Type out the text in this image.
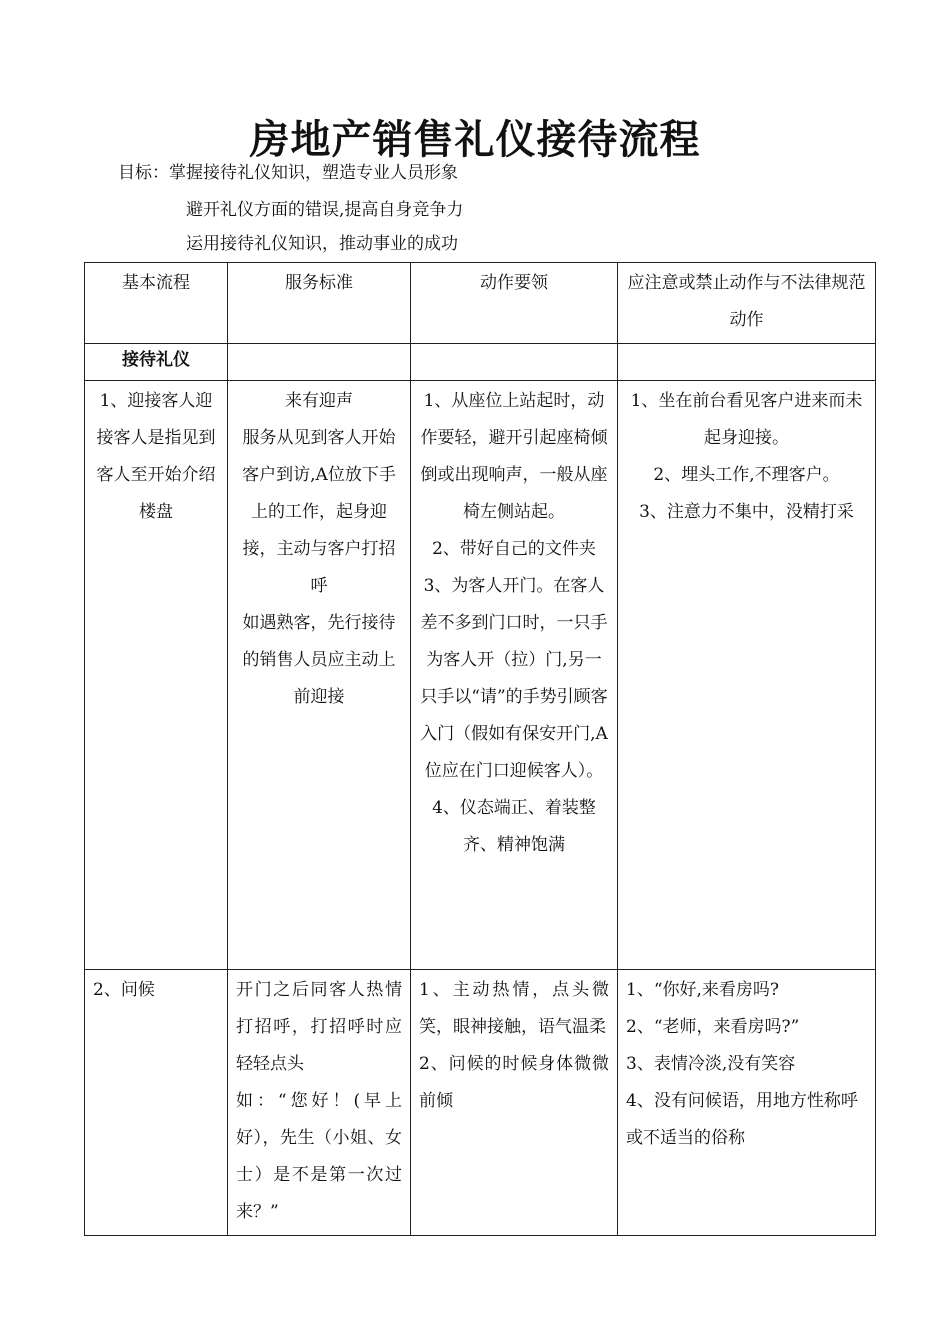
房地产销售礼仪接待流程
目标：掌握接待礼仪知识，塑造专业人员形象
避开礼仪方面的错误,提高自身竞争力
运用接待礼仪知识，推动事业的成功
基本流程	服务标准	动作要领	应注意或禁止动作与不法律规范动作
接待礼仪			

1、迎接客人迎接客人是指见到客人至开始介绍楼盘	来有迎声
服务从见到客人开始
客户到访,A位放下手上的工作，起身迎接，主动与客户打招呼
如遇熟客，先行接待的销售人员应主动上前迎接	1、从座位上站起时，动作要轻，避开引起座椅倾倒或出现响声，一般从座椅左侧站起。
2、带好自己的文件夹
3、为客人开门。在客人差不多到门口时，一只手为客人开（拉）门,另一只手以“请”的手势引顾客入门（假如有保安开门,A位应在门口迎候客人）。
4、仪态端正、着装整齐、精神饱满	1、坐在前台看见客户进来而未起身迎接。
2、埋头工作,不理客户。
3、注意力不集中，没精打采

2、问候	开门之后同客人热情打招呼，打招呼时应轻轻点头
如：“您好！(早上好），先生（小姐、女士）是不是第一次过来？”	1、主动热情，点头微笑，眼神接触，语气温柔
2、问候的时候身体微微前倾	1、“你好,来看房吗?
2、“老师，来看房吗?”
3、表情冷淡,没有笑容
4、没有问候语，用地方性称呼或不适当的俗称
